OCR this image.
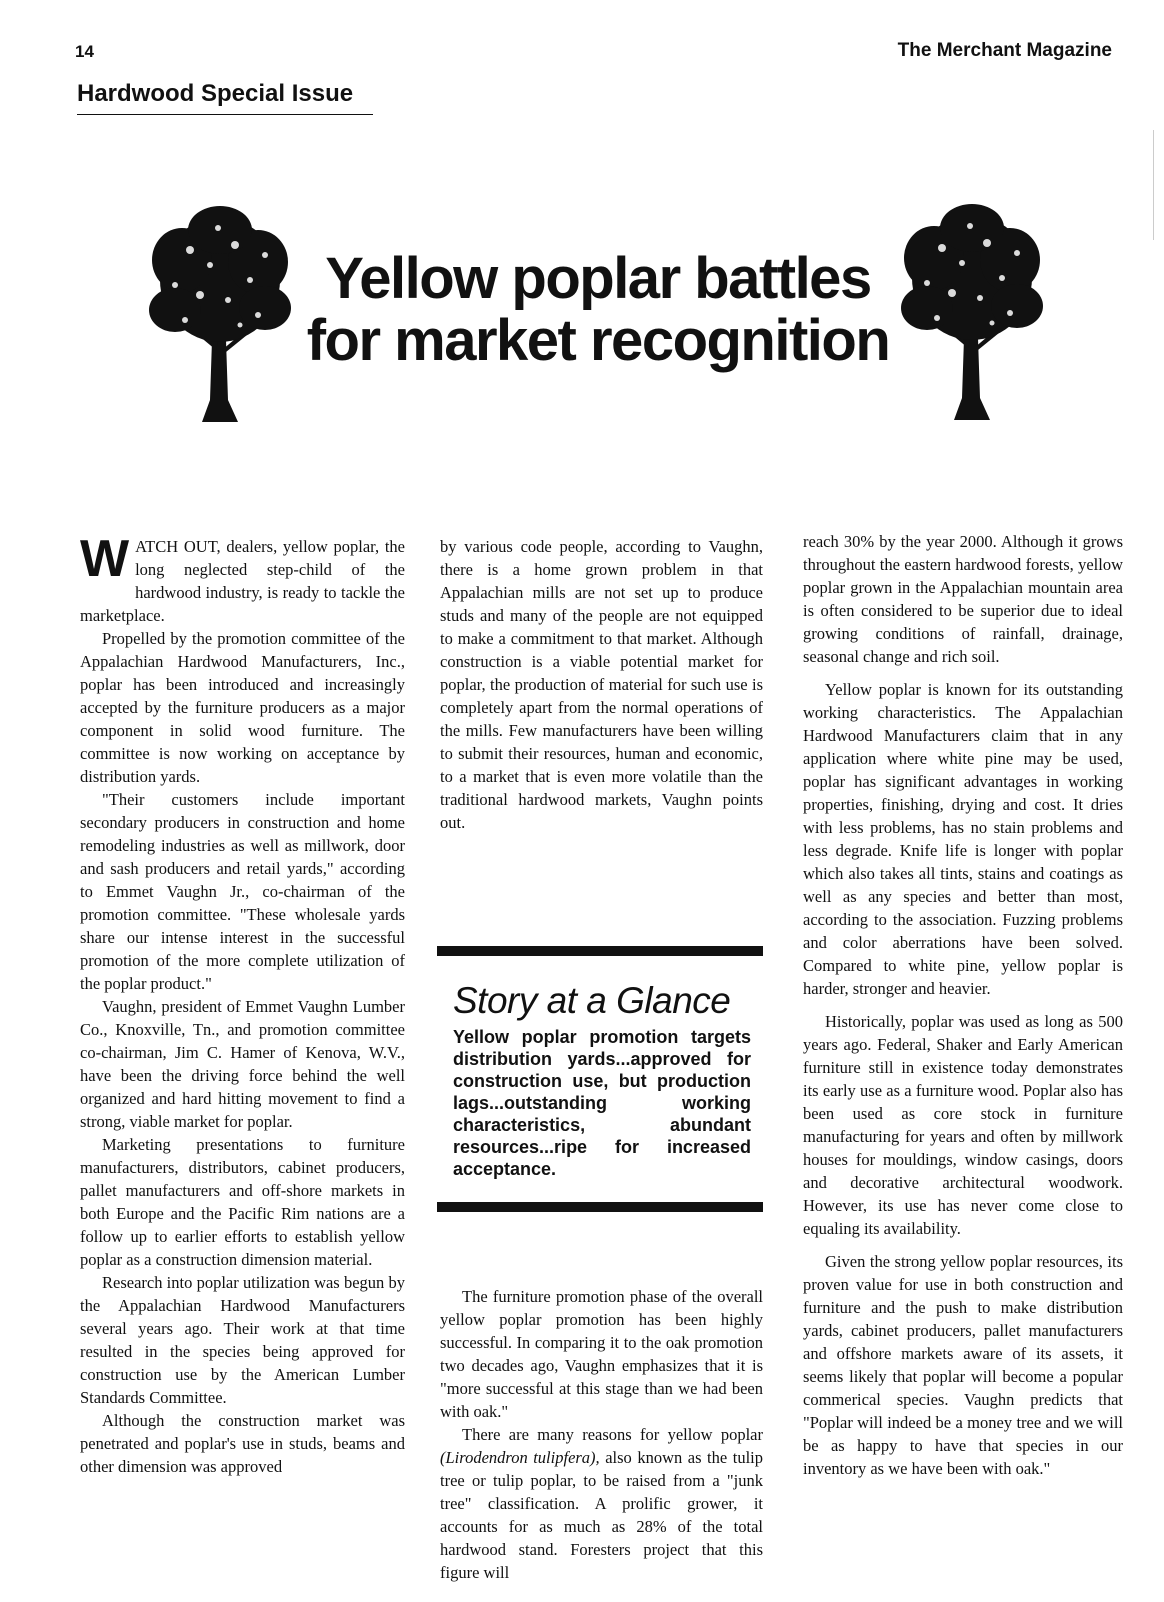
14	The Merchant Magazine
Hardwood Special Issue
Yellow poplar battles for market recognition

WATCH OUT, dealers, yellow poplar, the long neglected step-child of the hardwood industry, is ready to tackle the marketplace.

Propelled by the promotion committee of the Appalachian Hardwood Manufacturers, Inc., poplar has been introduced and increasingly accepted by the furniture producers as a major component in solid wood furniture. The committee is now working on acceptance by distribution yards.

"Their customers include important secondary producers in construction and home remodeling industries as well as millwork, door and sash producers and retail yards," according to Emmet Vaughn Jr., co-chairman of the promotion committee. "These wholesale yards share our intense interest in the successful promotion of the more complete utilization of the poplar product."

Vaughn, president of Emmet Vaughn Lumber Co., Knoxville, Tn., and promotion committee co-chairman, Jim C. Hamer of Kenova, W.V., have been the driving force behind the well organized and hard hitting movement to find a strong, viable market for poplar.

Marketing presentations to furniture manufacturers, distributors, cabinet producers, pallet manufacturers and off-shore markets in both Europe and the Pacific Rim nations are a follow up to earlier efforts to establish yellow poplar as a construction dimension material.

Research into poplar utilization was begun by the Appalachian Hardwood Manufacturers several years ago. Their work at that time resulted in the species being approved for construction use by the American Lumber Standards Committee.

Although the construction market was penetrated and poplar's use in studs, beams and other dimension was approved

by various code people, according to Vaughn, there is a home grown problem in that Appalachian mills are not set up to produce studs and many of the people are not equipped to make a commitment to that market. Although construction is a viable potential market for poplar, the production of material for such use is completely apart from the normal operations of the mills. Few manufacturers have been willing to submit their resources, human and economic, to a market that is even more volatile than the traditional hardwood markets, Vaughn points out.

Story at a Glance
Yellow poplar promotion targets distribution yards...approved for construction use, but production lags...outstanding working characteristics, abundant resources...ripe for increased acceptance.

The furniture promotion phase of the overall yellow poplar promotion has been highly successful. In comparing it to the oak promotion two decades ago, Vaughn emphasizes that it is "more successful at this stage than we had been with oak."

There are many reasons for yellow poplar (Lirodendron tulipfera), also known as the tulip tree or tulip poplar, to be raised from a "junk tree" classification. A prolific grower, it accounts for as much as 28% of the total hardwood stand. Foresters project that this figure will

reach 30% by the year 2000. Although it grows throughout the eastern hardwood forests, yellow poplar grown in the Appalachian mountain area is often considered to be superior due to ideal growing conditions of rainfall, drainage, seasonal change and rich soil.

Yellow poplar is known for its outstanding working characteristics. The Appalachian Hardwood Manufacturers claim that in any application where white pine may be used, poplar has significant advantages in working properties, finishing, drying and cost. It dries with less problems, has no stain problems and less degrade. Knife life is longer with poplar which also takes all tints, stains and coatings as well as any species and better than most, according to the association. Fuzzing problems and color aberrations have been solved. Compared to white pine, yellow poplar is harder, stronger and heavier.

Historically, poplar was used as long as 500 years ago. Federal, Shaker and Early American furniture still in existence today demonstrates its early use as a furniture wood. Poplar also has been used as core stock in furniture manufacturing for years and often by millwork houses for mouldings, window casings, doors and decorative architectural woodwork. However, its use has never come close to equaling its availability.

Given the strong yellow poplar resources, its proven value for use in both construction and furniture and the push to make distribution yards, cabinet producers, pallet manufacturers and offshore markets aware of its assets, it seems likely that poplar will become a popular commerical species. Vaughn predicts that "Poplar will indeed be a money tree and we will be as happy to have that species in our inventory as we have been with oak."
